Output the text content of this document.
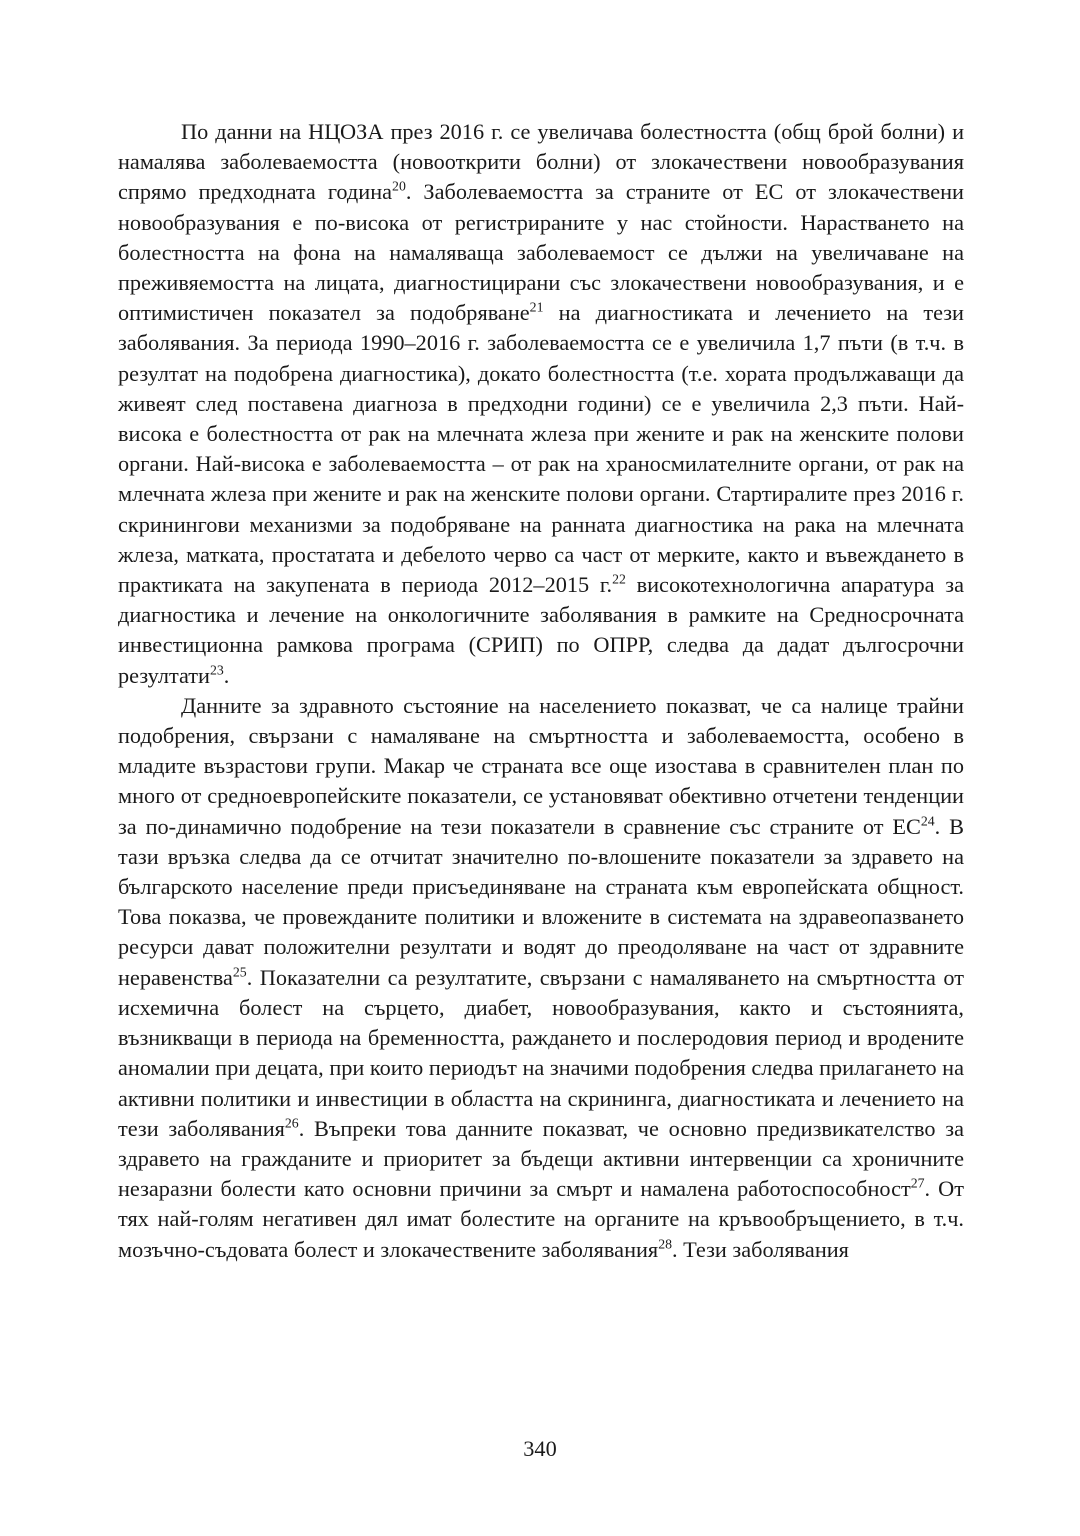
По данни на НЦОЗА през 2016 г. се увеличава болестността (общ брой болни) и намалява заболеваемостта (новооткрити болни) от злокачествени новообразувания спрямо предходната година$^{20}$. Заболеваемостта за страните от ЕС от злокачествени новообразувания е по-висока от регистрираните у нас стойности. Нарастването на болестността на фона на намаляваща заболеваемост се дължи на увеличаване на преживяемостта на лицата, диагностицирани със злокачествени новообразувания, и е оптимистичен показател за подобряване$^{21}$ на диагностиката и лечението на тези заболявания. За периода 1990–2016 г. заболеваемостта се е увеличила 1,7 пъти (в т.ч. в резултат на подобрена диагностика), докато болестността (т.е. хората продължаващи да живеят след поставена диагноза в предходни години) се е увеличила 2,3 пъти. Най-висока е болестността от рак на млечната жлеза при жените и рак на женските полови органи. Най-висока е заболеваемостта – от рак на храноcмилателните органи, от рак на млечната жлеза при жените и рак на женските полови органи. Стартиралите през 2016 г. скринингови механизми за подобряване на ранната диагностика на рака на млечната жлеза, матката, простатата и дебелото черво са част от мерките, както и въвеждането в практиката на закупената в периода 2012–2015 г.$^{22}$ високотехнологична апаратура за диагностика и лечение на онкологичните заболявания в рамките на Средносрочната инвестиционна рамкова програма (СРИП) по ОПРР, следва да дадат дългосрочни резултати$^{23}$.

Данните за здравното състояние на населението показват, че са налице трайни подобрения, свързани с намаляване на смъртността и заболеваемостта, особено в младите възрастови групи. Макар че страната все още изостава в сравнителен план по много от средноевропейските показатели, се установяват обективно отчетени тенденции за по-динамично подобрение на тези показатели в сравнение със страните от ЕС$^{24}$. В тази връзка следва да се отчитат значително по-влошените показатели за здравето на българското население преди присъединяване на страната към европейската общност. Това показва, че провежданите политики и вложените в системата на здравеопазването ресурси дават положителни резултати и водят до преодоляване на част от здравните неравенства$^{25}$. Показателни са резултатите, свързани с намаляването на смъртността от исхемична болест на сърцето, диабет, новообразувания, както и състоянията, възникващи в периода на бременността, раждането и послеродовия период и вродените аномалии при децата, при които периодът на значими подобрения следва прилагането на активни политики и инвестиции в областта на скрининга, диагностиката и лечението на тези заболявания$^{26}$. Въпреки това данните показват, че основно предизвикателство за здравето на гражданите и приоритет за бъдещи активни интервенции са хроничните незаразни болести като основни причини за смърт и намалена работоспособност$^{27}$. От тях най-голям негативен дял имат болестите на органите на кръвообръщението, в т.ч. мозъчно-съдовата болест и злокачествените заболявания$^{28}$. Тези заболявания

340
